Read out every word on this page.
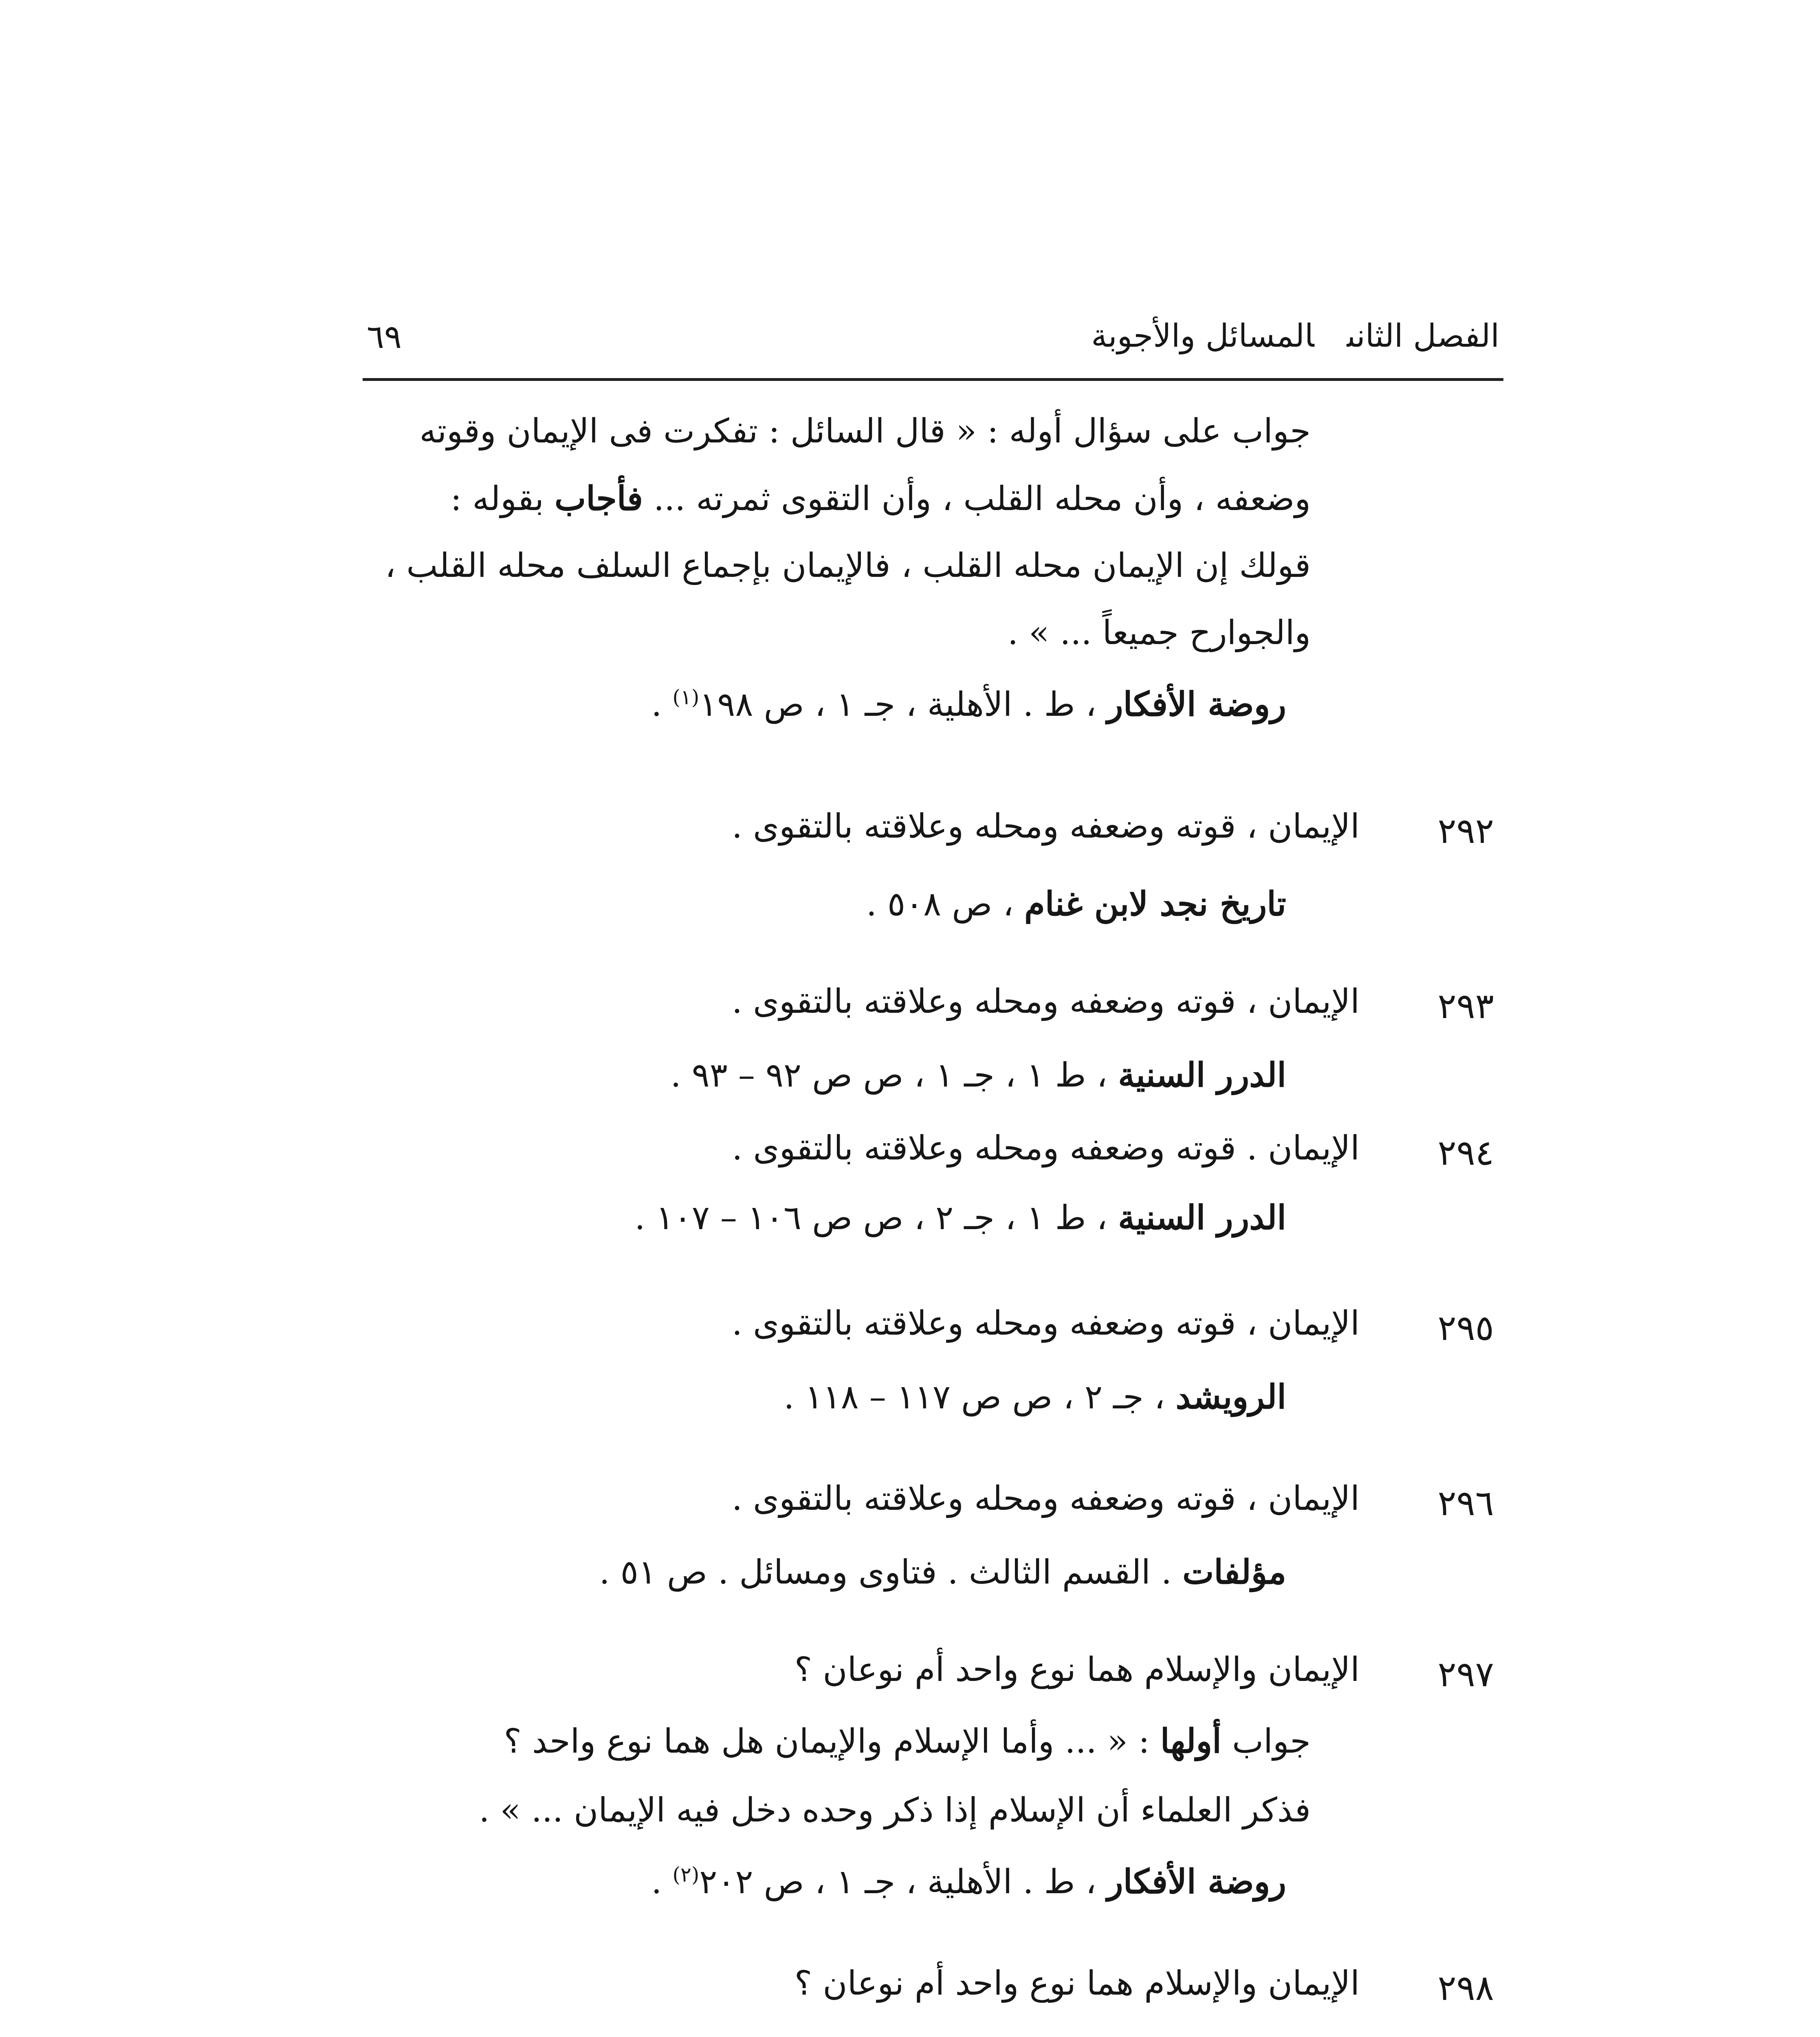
الفصل الثانىالمسائل والأجوبة
٦٩
جواب على سؤال أوله : « قال السائل : تفكرت فى الإيمان وقوته
وضعفه ، وأن محله القلب ، وأن التقوى ثمرته ... فأجاب بقوله :
قولك إن الإيمان محله القلب ، فالإيمان بإجماع السلف محله القلب ،
والجوارح جميعاً ... » .
روضة الأفكار ، ط . الأهلية ، جـ ١ ، ص ١٩٨$^{(١)}$ .
٢٩٢
الإيمان ، قوته وضعفه ومحله وعلاقته بالتقوى .
تاريخ نجد لابن غنام ، ص ٥٠٨ .
٢٩٣
الإيمان ، قوته وضعفه ومحله وعلاقته بالتقوى .
الدرر السنية ، ط ١ ، جـ ١ ، ص ص ٩٢ – ٩٣ .
٢٩٤
الإيمان . قوته وضعفه ومحله وعلاقته بالتقوى .
الدرر السنية ، ط ١ ، جـ ٢ ، ص ص ١٠٦ – ١٠٧ .
٢٩٥
الإيمان ، قوته وضعفه ومحله وعلاقته بالتقوى .
الرويشد ، جـ ٢ ، ص ص ١١٧ – ١١٨ .
٢٩٦
الإيمان ، قوته وضعفه ومحله وعلاقته بالتقوى .
مؤلفات . القسم الثالث . فتاوى ومسائل . ص ٥١ .
٢٩٧
الإيمان والإسلام هما نوع واحد أم نوعان ؟
جواب أولها : « ... وأما الإسلام والإيمان هل هما نوع واحد ؟
فذكر العلماء أن الإسلام إذا ذكر وحده دخل فيه الإيمان ... » .
روضة الأفكار ، ط . الأهلية ، جـ ١ ، ص ٢٠٢$^{(٢)}$ .
٢٩٨
الإيمان والإسلام هما نوع واحد أم نوعان ؟
